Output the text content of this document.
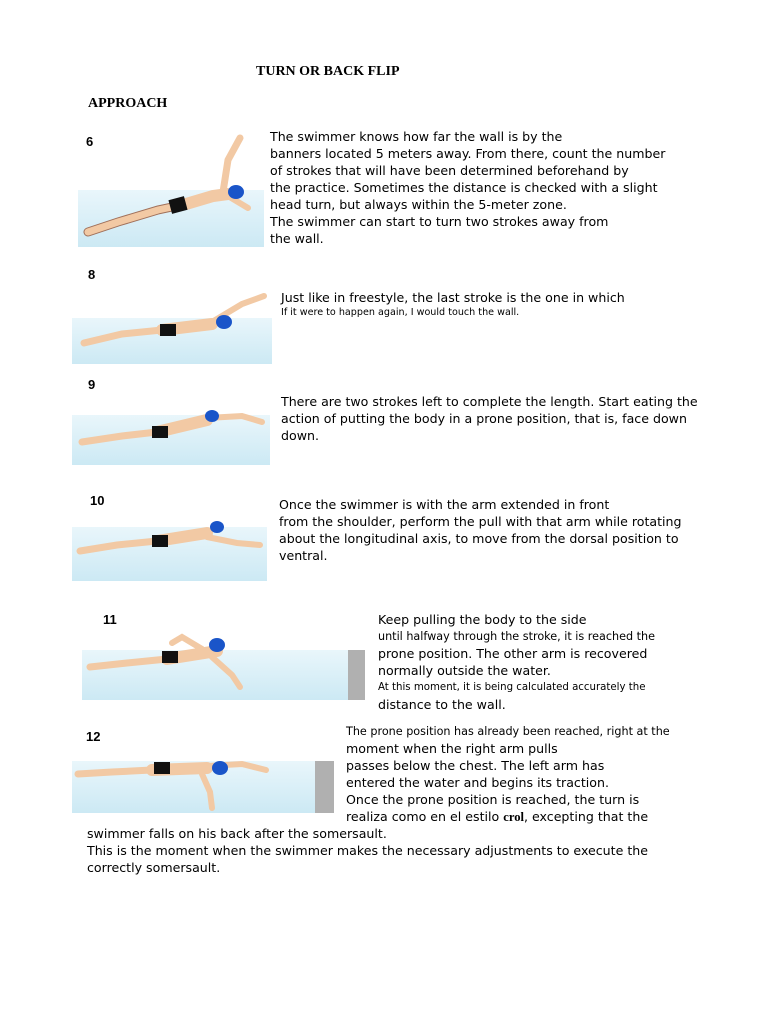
TURN OR BACK FLIP
APPROACH
6	The swimmer knows how far the wall is by the
banners located 5 meters away. From there, count the number
of strokes that will have been determined beforehand by
the practice. Sometimes the distance is checked with a slight
head turn, but always within the 5-meter zone.
The swimmer can start to turn two strokes away from
the wall.
8
Just like in freestyle, the last stroke is the one in which
If it were to happen again, I would touch the wall.
9
There are two strokes left to complete the length. Start eating the
action of putting the body in a prone position, that is, face down
down.
10	Once the swimmer is with the arm extended in front
from the shoulder, perform the pull with that arm while rotating
about the longitudinal axis, to move from the dorsal position to
ventral.
11	Keep pulling the body to the side
until halfway through the stroke, it is reached the
prone position. The other arm is recovered
normally outside the water.
At this moment, it is being calculated accurately the
distance to the wall.
12	The prone position has already been reached, right at the
moment when the right arm pulls
passes below the chest. The left arm has
entered the water and begins its traction.
Once the prone position is reached, the turn is
realiza como en el estilo crol, excepting that the
swimmer falls on his back after the somersault.
This is the moment when the swimmer makes the necessary adjustments to execute the
correctly somersault.
